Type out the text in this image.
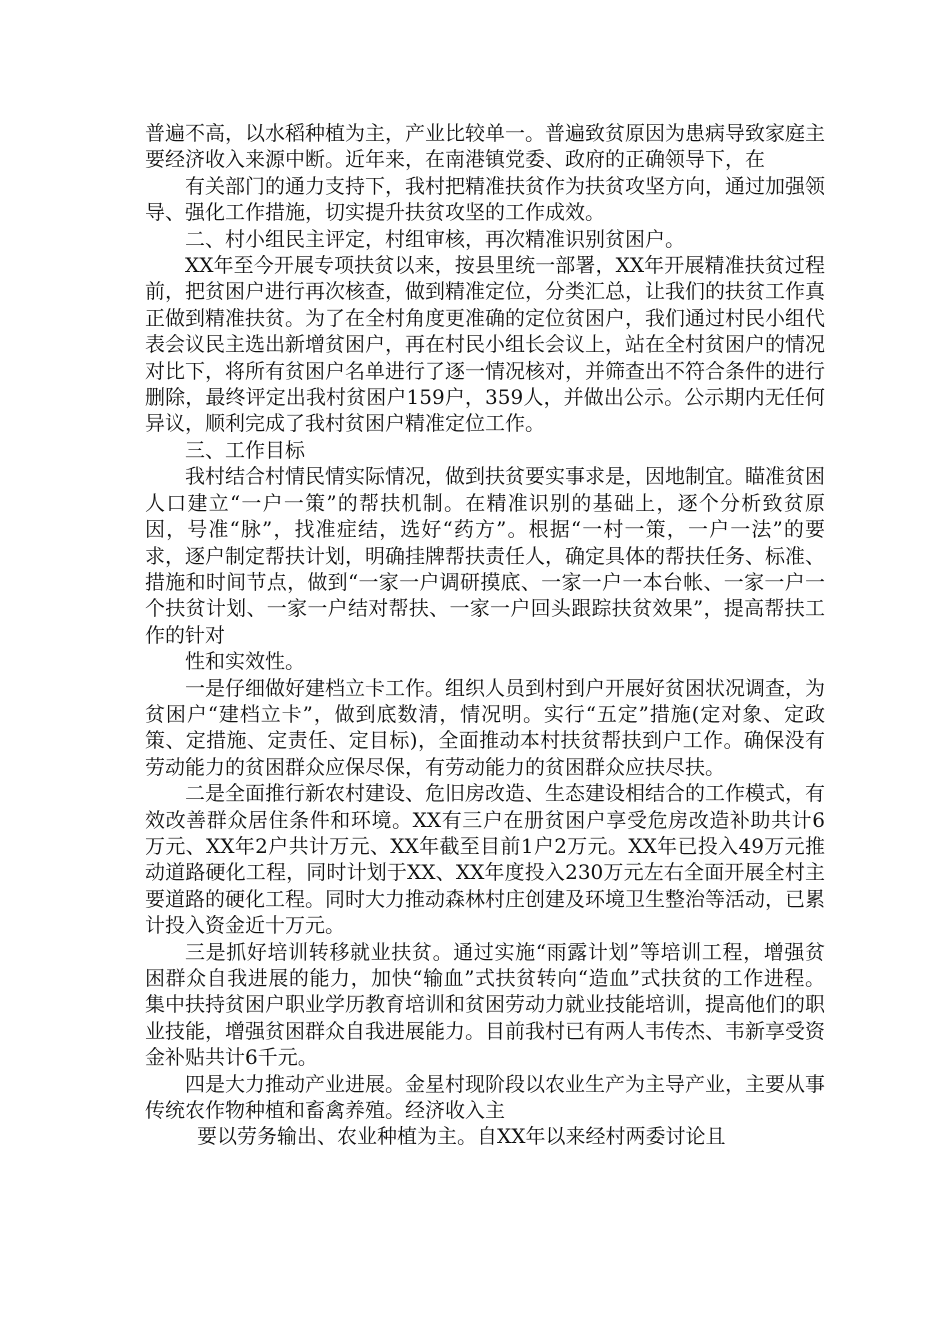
普遍不高，以水稻种植为主，产业比较单一。普遍致贫原因为患病导致家庭主要经济收入来源中断。近年来，在南港镇党委、政府的正确领导下，在

有关部门的通力支持下，我村把精准扶贫作为扶贫攻坚方向，通过加强领导、强化工作措施，切实提升扶贫攻坚的工作成效。

二、村小组民主评定，村组审核，再次精准识别贫困户。

XX年至今开展专项扶贫以来，按县里统一部署，XX年开展精准扶贫过程前，把贫困户进行再次核查，做到精准定位，分类汇总，让我们的扶贫工作真正做到精准扶贫。为了在全村角度更准确的定位贫困户，我们通过村民小组代表会议民主选出新增贫困户，再在村民小组长会议上，站在全村贫困户的情况对比下，将所有贫困户名单进行了逐一情况核对，并筛查出不符合条件的进行删除，最终评定出我村贫困户159户，359人，并做出公示。公示期内无任何异议，顺利完成了我村贫困户精准定位工作。

三、工作目标

我村结合村情民情实际情况，做到扶贫要实事求是，因地制宜。瞄准贫困人口建立“一户一策”的帮扶机制。在精准识别的基础上，逐个分析致贫原因，号准“脉”，找准症结，选好“药方”。根据“一村一策，一户一法”的要求，逐户制定帮扶计划，明确挂牌帮扶责任人，确定具体的帮扶任务、标准、措施和时间节点，做到“一家一户调研摸底、一家一户一本台帐、一家一户一个扶贫计划、一家一户结对帮扶、一家一户回头跟踪扶贫效果”，提高帮扶工作的针对

性和实效性。

一是仔细做好建档立卡工作。组织人员到村到户开展好贫困状况调查，为贫困户“建档立卡”，做到底数清，情况明。实行“五定”措施(定对象、定政策、定措施、定责任、定目标)，全面推动本村扶贫帮扶到户工作。确保没有劳动能力的贫困群众应保尽保，有劳动能力的贫困群众应扶尽扶。

二是全面推行新农村建设、危旧房改造、生态建设相结合的工作模式，有效改善群众居住条件和环境。XX有三户在册贫困户享受危房改造补助共计6万元、XX年2户共计万元、XX年截至目前1户2万元。XX年已投入49万元推动道路硬化工程，同时计划于XX、XX年度投入230万元左右全面开展全村主要道路的硬化工程。同时大力推动森林村庄创建及环境卫生整治等活动，已累计投入资金近十万元。

三是抓好培训转移就业扶贫。通过实施“雨露计划”等培训工程，增强贫困群众自我进展的能力，加快“输血”式扶贫转向“造血”式扶贫的工作进程。集中扶持贫困户职业学历教育培训和贫困劳动力就业技能培训，提高他们的职业技能，增强贫困群众自我进展能力。目前我村已有两人韦传杰、韦新享受资金补贴共计6千元。

四是大力推动产业进展。金星村现阶段以农业生产为主导产业，主要从事传统农作物种植和畜禽养殖。经济收入主

要以劳务输出、农业种植为主。自XX年以来经村两委讨论且
